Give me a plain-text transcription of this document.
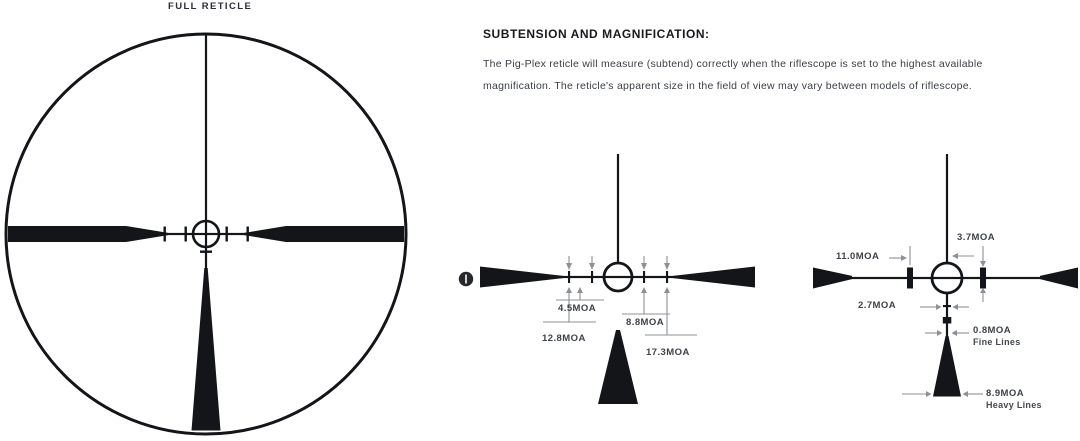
FULL RETICLE
SUBTENSION AND MAGNIFICATION:
The Pig-Plex reticle will measure (subtend) correctly when the riflescope is set to the highest available
magnification. The reticle's apparent size in the field of view may vary between models of riflescope.
4.5MOA
8.8MOA
12.8MOA
17.3MOA
11.0MOA
3.7MOA
2.7MOA
0.8MOA
Fine Lines
8.9MOA
Heavy Lines
